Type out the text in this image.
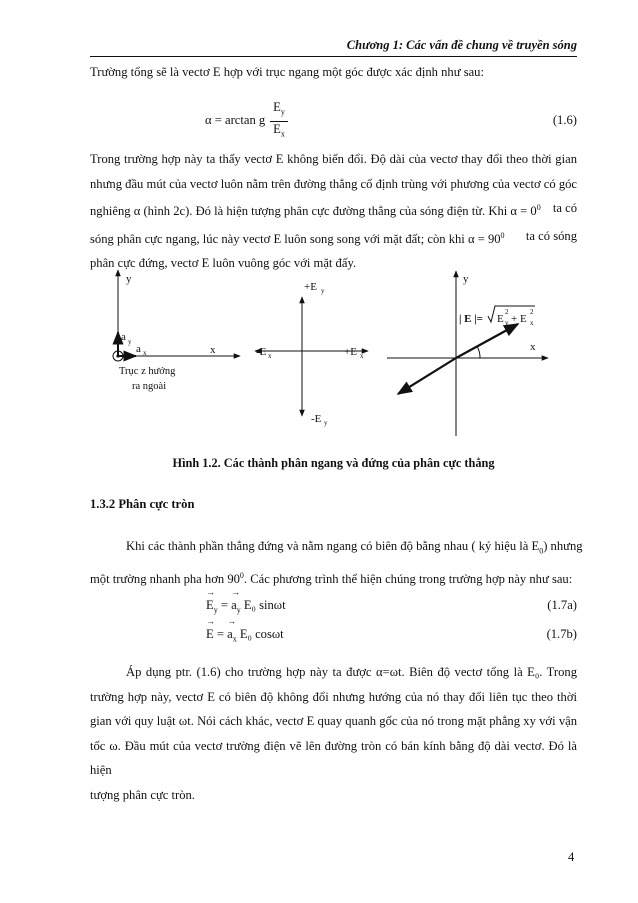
Chương 1: Các vấn đề chung về truyền sóng
Trường tổng sẽ là vectơ E hợp với trục ngang một góc được xác định như sau:
α = arctan g
$E_y$
$E_x$
(1.6)
Trong trường hợp này ta thấy vectơ E không biến đổi. Độ dài của vectơ thay đổi theo thời gian
nhưng đầu mút của vectơ luôn nằm trên đường thẳng cố định trùng với phương của vectơ có góc
nghiêng α (hình 2c). Đó là hiện tượng phân cực đường thẳng của sóng điện từ. Khi $\alpha = 0^0$ ta có
sóng phân cực ngang, lúc này vectơ E luôn song song với mặt đất; còn khi $\alpha = 90^0$ ta có sóng
phân cực đứng, vectơ E luôn vuông góc với mặt đấy.
y
x
a y
a x
Trục z hướng
ra ngoài
+E y
-E y
-E x	+E x
y
x
| E |= E y
2
+ E x
2
Hình 1.2. Các thành phân ngang và đứng của phân cực thẳng
1.3.2 Phân cực tròn
Khi các thành phần thẳng đứng và nằm ngang có biên độ bằng nhau ( ký hiệu là $E_0$ ) nhưng
một trường nhanh pha hơn $90^0$. Các phương trình thể hiện chúng trong trường hợp này như sau:
→ $E_y$ = → $a_y$ E₀ sinωt	(1.7a)
→ E = → $a_x$ E₀ cosωt	(1.7b)
Áp dụng ptr. (1.6) cho trường hợp này ta được α=ωt. Biên độ vectơ tổng là E₀. Trong
trường hợp này, vectơ E có biên độ không đổi nhưng hướng của nó thay đổi liên tục theo thời
gian với quy luật ωt. Nói cách khác, vectơ E quay quanh gốc của nó trong mặt phẳng xy với vận
tốc ω. Đầu mút của vectơ trường điện vẽ lên đường tròn có bán kính bằng độ dài vectơ. Đó là hiện
tượng phân cực tròn.
4
